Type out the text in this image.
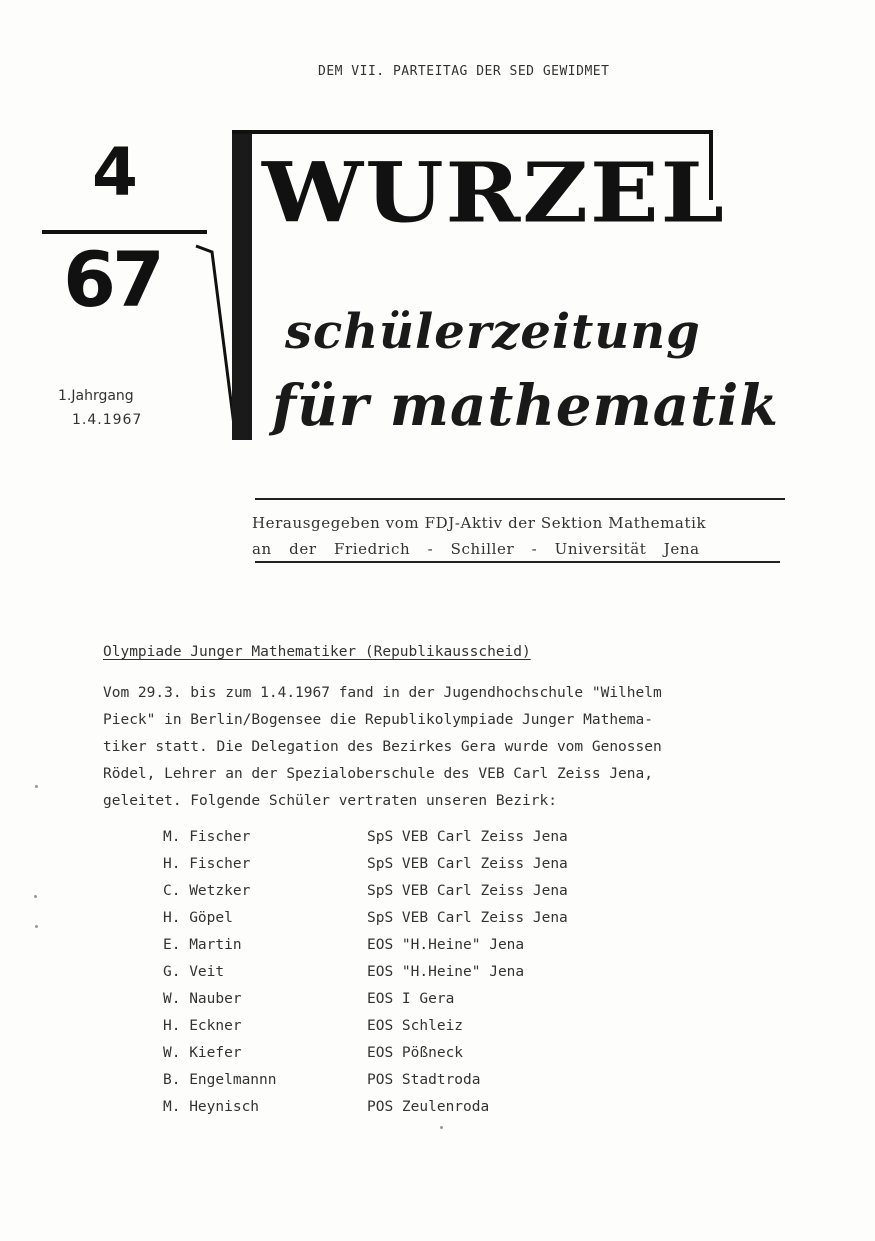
DEM VII. PARTEITAG DER SED GEWIDMET
4
67
1.Jahrgang
1.4.1967
WURZEL
schülerzeitung
für mathematik
Herausgegeben vom FDJ-Aktiv der Sektion Mathematik
an der Friedrich - Schiller - Universität Jena
Olympiade Junger Mathematiker (Republikausscheid)
Vom 29.3. bis zum 1.4.1967 fand in der Jugendhochschule "Wilhelm
Pieck" in Berlin/Bogensee die Republikolympiade Junger Mathema-
tiker statt. Die Delegation des Bezirkes Gera wurde vom Genossen
Rödel, Lehrer an der Spezialoberschule des VEB Carl Zeiss Jena,
geleitet. Folgende Schüler vertraten unseren Bezirk:
M. Fischer	SpS VEB Carl Zeiss Jena
H. Fischer	SpS VEB Carl Zeiss Jena
C. Wetzker	SpS VEB Carl Zeiss Jena
H. Göpel	SpS VEB Carl Zeiss Jena
E. Martin	EOS "H.Heine" Jena
G. Veit	EOS "H.Heine" Jena
W. Nauber	EOS I Gera
H. Eckner	EOS Schleiz
W. Kiefer	EOS Pößneck
B. Engelmannn	POS Stadtroda
M. Heynisch	POS Zeulenroda
